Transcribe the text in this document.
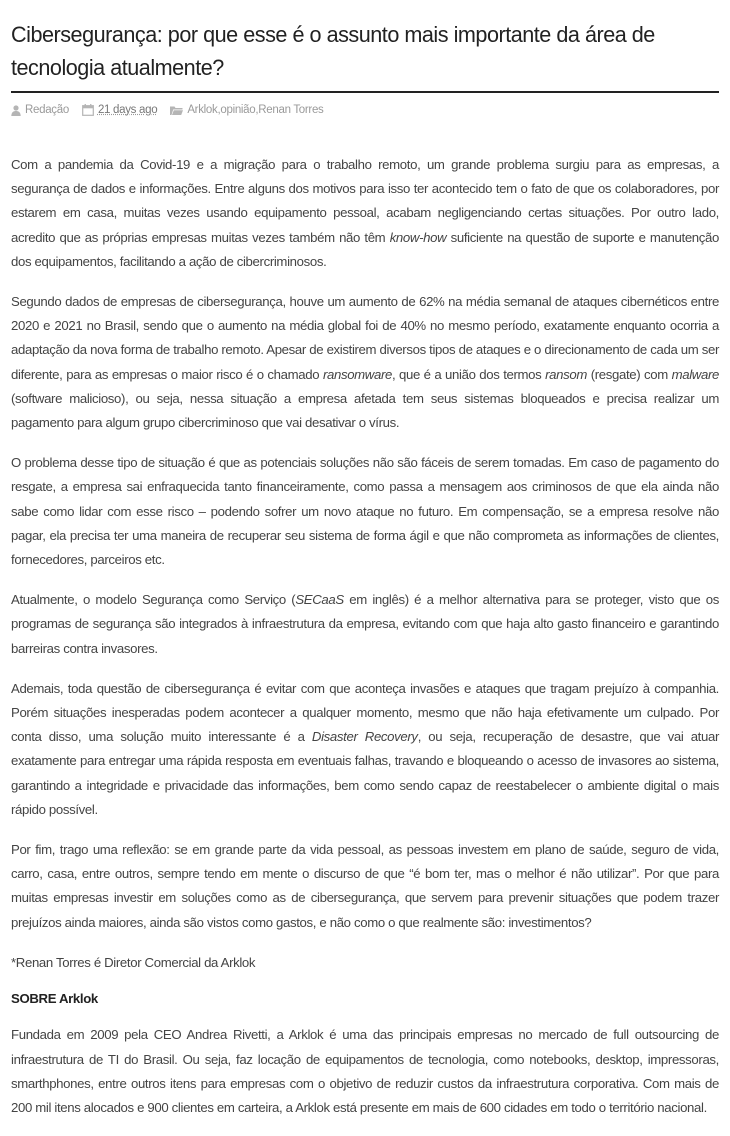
Cibersegurança: por que esse é o assunto mais importante da área de tecnologia atualmente?
Redação	21 days ago	Arklok , opinião , Renan Torres

Com a pandemia da Covid-19 e a migração para o trabalho remoto, um grande problema surgiu para as empresas, a segurança de dados e informações. Entre alguns dos motivos para isso ter acontecido tem o fato de que os colaboradores, por estarem em casa, muitas vezes usando equipamento pessoal, acabam negligenciando certas situações. Por outro lado, acredito que as próprias empresas muitas vezes também não têm know-how suficiente na questão de suporte e manutenção dos equipamentos, facilitando a ação de cibercriminosos.

Segundo dados de empresas de cibersegurança, houve um aumento de 62% na média semanal de ataques cibernéticos entre 2020 e 2021 no Brasil, sendo que o aumento na média global foi de 40% no mesmo período, exatamente enquanto ocorria a adaptação da nova forma de trabalho remoto. Apesar de existirem diversos tipos de ataques e o direcionamento de cada um ser diferente, para as empresas o maior risco é o chamado ransomware, que é a união dos termos ransom (resgate) com malware (software malicioso), ou seja, nessa situação a empresa afetada tem seus sistemas bloqueados e precisa realizar um pagamento para algum grupo cibercriminoso que vai desativar o vírus.

O problema desse tipo de situação é que as potenciais soluções não são fáceis de serem tomadas. Em caso de pagamento do resgate, a empresa sai enfraquecida tanto financeiramente, como passa a mensagem aos criminosos de que ela ainda não sabe como lidar com esse risco – podendo sofrer um novo ataque no futuro. Em compensação, se a empresa resolve não pagar, ela precisa ter uma maneira de recuperar seu sistema de forma ágil e que não comprometa as informações de clientes, fornecedores, parceiros etc.

Atualmente, o modelo Segurança como Serviço (SECaaS em inglês) é a melhor alternativa para se proteger, visto que os programas de segurança são integrados à infraestrutura da empresa, evitando com que haja alto gasto financeiro e garantindo barreiras contra invasores.

Ademais, toda questão de cibersegurança é evitar com que aconteça invasões e ataques que tragam prejuízo à companhia. Porém situações inesperadas podem acontecer a qualquer momento, mesmo que não haja efetivamente um culpado. Por conta disso, uma solução muito interessante é a Disaster Recovery, ou seja, recuperação de desastre, que vai atuar exatamente para entregar uma rápida resposta em eventuais falhas, travando e bloqueando o acesso de invasores ao sistema, garantindo a integridade e privacidade das informações, bem como sendo capaz de reestabelecer o ambiente digital o mais rápido possível.

Por fim, trago uma reflexão: se em grande parte da vida pessoal, as pessoas investem em plano de saúde, seguro de vida, carro, casa, entre outros, sempre tendo em mente o discurso de que “é bom ter, mas o melhor é não utilizar”. Por que para muitas empresas investir em soluções como as de cibersegurança, que servem para prevenir situações que podem trazer prejuízos ainda maiores, ainda são vistos como gastos, e não como o que realmente são: investimentos?

*Renan Torres é Diretor Comercial da Arklok

SOBRE Arklok

Fundada em 2009 pela CEO Andrea Rivetti, a Arklok é uma das principais empresas no mercado de full outsourcing de infraestrutura de TI do Brasil. Ou seja, faz locação de equipamentos de tecnologia, como notebooks, desktop, impressoras, smarthphones, entre outros itens para empresas com o objetivo de reduzir custos da infraestrutura corporativa. Com mais de 200 mil itens alocados e 900 clientes em carteira, a Arklok está presente em mais de 600 cidades em todo o território nacional.
